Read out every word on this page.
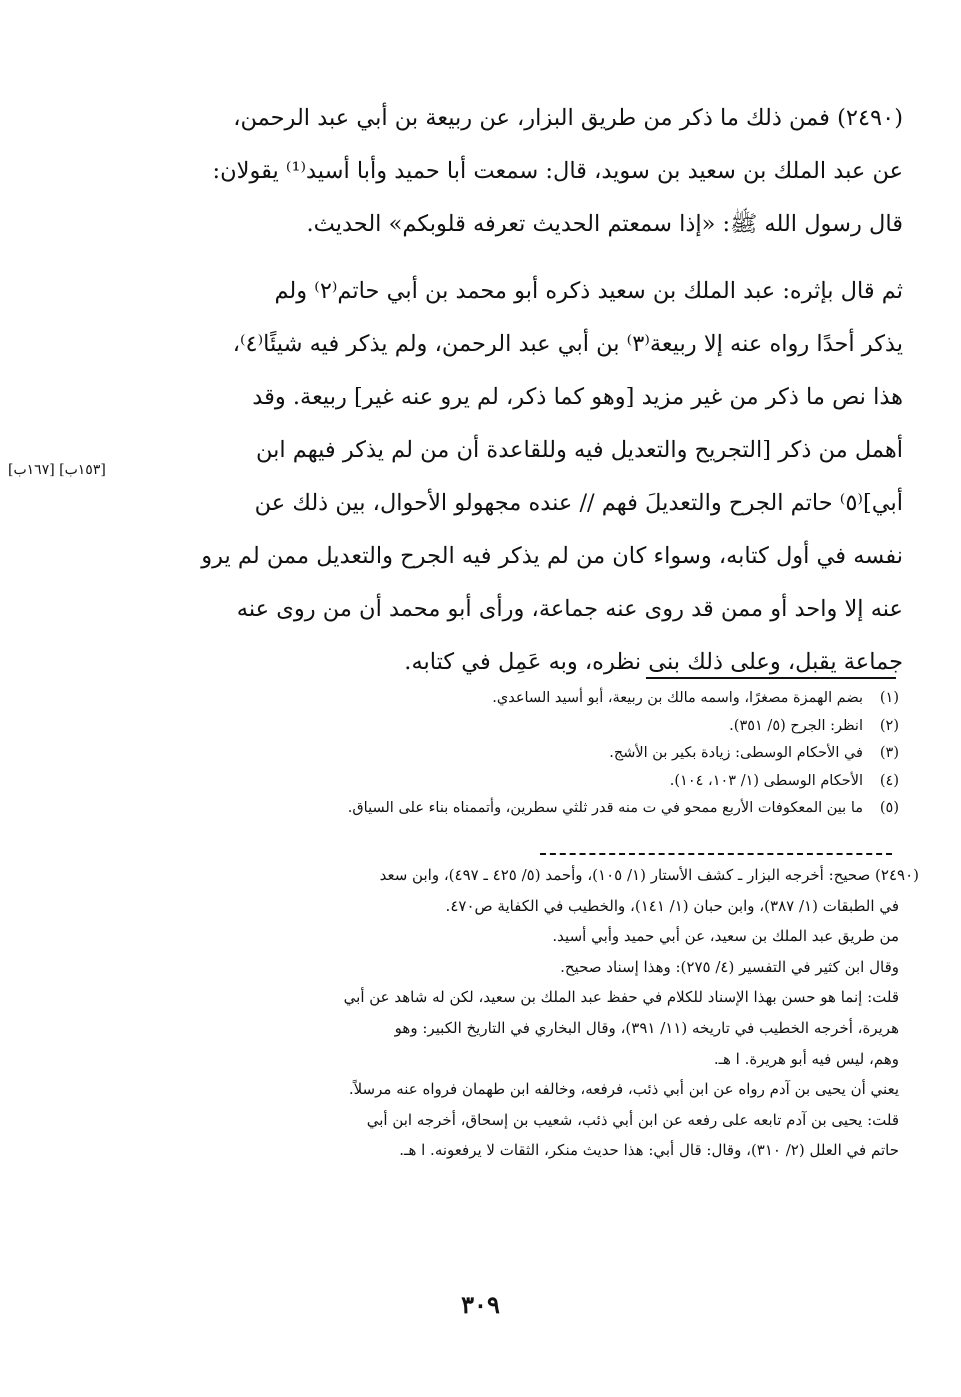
(٢٤٩٠) فمن ذلك ما ذكر من طريق البزار، عن ربيعة بن أبي عبد الرحمن،

عن عبد الملك بن سعيد بن سويد، قال: سمعت أبا حميد وأبا أسيد⁽¹⁾ يقولان:

قال رسول الله ﷺ: «إذا سمعتم الحديث تعرفه قلوبكم» الحديث.

ثم قال بإثره: عبد الملك بن سعيد ذكره أبو محمد بن أبي حاتم⁽٢⁾ ولم

يذكر أحدًا رواه عنه إلا ربيعة⁽٣⁾ بن أبي عبد الرحمن، ولم يذكر فيه شيئًا⁽٤⁾،

هذا نص ما ذكر من غير مزيد [وهو كما ذكر، لم يرو عنه غير] ربيعة. وقد

أهمل من ذكر [التجريح والتعديل فيه وللقاعدة أن من لم يذكر فيهم ابن

أبي]⁽٥⁾ حاتم الجرح والتعديلَ فهم // عنده مجهولو الأحوال، بين ذلك عن

نفسه في أول كتابه، وسواء كان من لم يذكر فيه الجرح والتعديل ممن لم يرو

عنه إلا واحد أو ممن قد روى عنه جماعة، ورأى أبو محمد أن من روى عنه

جماعة يقبل، وعلى ذلك بنى نظره، وبه عَمِل في كتابه.

[١٥٣ب] [١٦٧ب]
(١)
بضم الهمزة مصغرًا، واسمه مالك بن ربيعة، أبو أسيد الساعدي.
(٢)
انظر: الجرح (٥/ ٣٥١).
(٣)
في الأحكام الوسطى: زيادة بكير بن الأشج.
(٤)
الأحكام الوسطى (١/ ١٠٣، ١٠٤).
(٥)
ما بين المعكوفات الأربع ممحو في ت منه قدر ثلثي سطرين، وأتممناه بناء على السياق.

(٢٤٩٠) صحيح: أخرجه البزار ـ كشف الأستار (١/ ١٠٥)، وأحمد (٥/ ٤٢٥ ـ ٤٩٧)، وابن سعد

في الطبقات (١/ ٣٨٧)، وابن حبان (١/ ١٤١)، والخطيب في الكفاية ص٤٧٠.

من طريق عبد الملك بن سعيد، عن أبي حميد وأبي أسيد.

وقال ابن كثير في التفسير (٤/ ٢٧٥): وهذا إسناد صحيح.

قلت: إنما هو حسن بهذا الإسناد للكلام في حفظ عبد الملك بن سعيد، لكن له شاهد عن أبي

هريرة، أخرجه الخطيب في تاريخه (١١/ ٣٩١)، وقال البخاري في التاريخ الكبير: وهو

وهم، ليس فيه أبو هريرة. ا هـ.

يعني أن يحيى بن آدم رواه عن ابن أبي ذئب، فرفعه، وخالفه ابن طهمان فرواه عنه مرسلاً.

قلت: يحيى بن آدم تابعه على رفعه عن ابن أبي ذئب، شعيب بن إسحاق، أخرجه ابن أبي

حاتم في العلل (٢/ ٣١٠)، وقال: قال أبي: هذا حديث منكر، الثقات لا يرفعونه. ا هـ.

٣٠٩
